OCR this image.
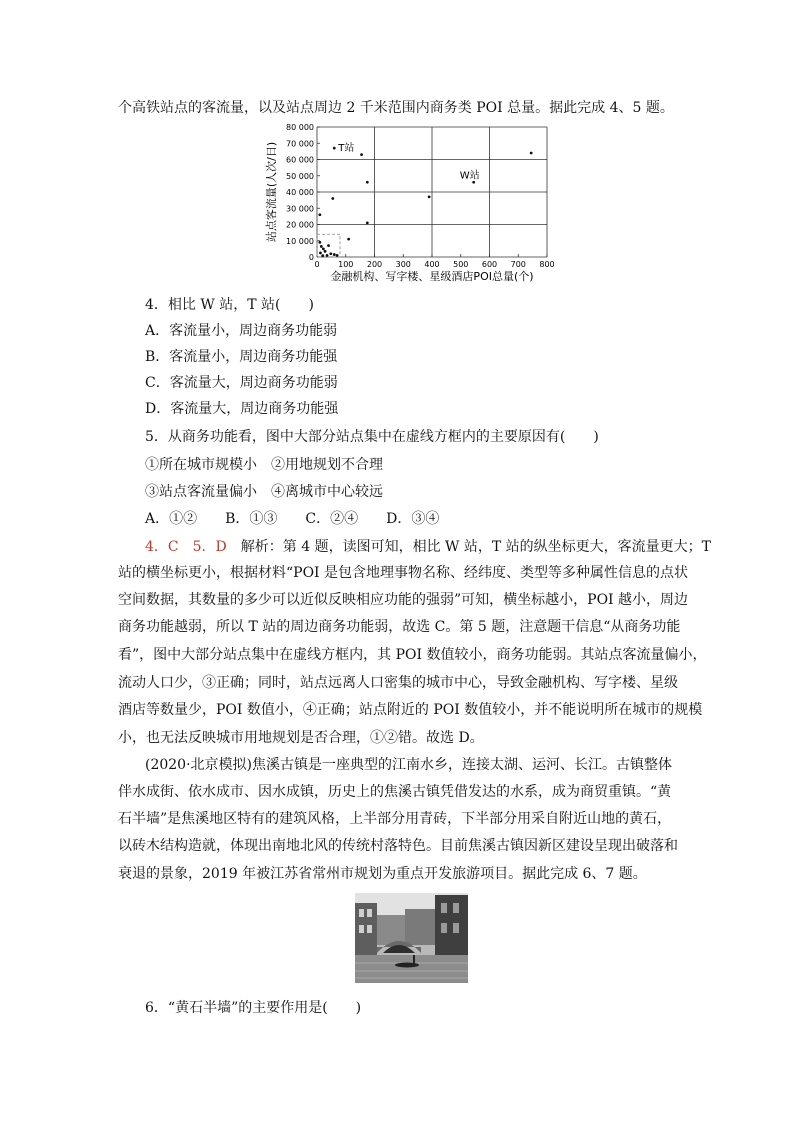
个高铁站点的客流量，以及站点周边 2 千米范围内商务类 POI 总量。据此完成 4、5 题。
0
10 000
20 000
30 000
40 000
50 000
60 000
70 000
80 000
0 100 200 300 400 500 600 700 800
T站
W站
站点客流量(人次/日)
金融机构、写字楼、星级酒店POI总量(个)
4．相比 W 站，T 站(　　)
A．客流量小，周边商务功能弱
B．客流量小，周边商务功能强
C．客流量大，周边商务功能弱
D．客流量大，周边商务功能强
5．从商务功能看，图中大部分站点集中在虚线方框内的主要原因有(　　)
①所在城市规模小　②用地规划不合理
③站点客流量偏小　④离城市中心较远
A．①②　　B．①③　　C．②④　　D．③④
4．C　5．D　解析：第 4 题，读图可知，相比 W 站，T 站的纵坐标更大，客流量更大；T
站的横坐标更小，根据材料“POI 是包含地理事物名称、经纬度、类型等多种属性信息的点状
空间数据，其数量的多少可以近似反映相应功能的强弱”可知，横坐标越小，POI 越小，周边
商务功能越弱，所以 T 站的周边商务功能弱，故选 C。第 5 题，注意题干信息“从商务功能
看”，图中大部分站点集中在虚线方框内，其 POI 数值较小，商务功能弱。其站点客流量偏小，
流动人口少，③正确；同时，站点远离人口密集的城市中心，导致金融机构、写字楼、星级
酒店等数量少，POI 数值小，④正确；站点附近的 POI 数值较小，并不能说明所在城市的规模
小，也无法反映城市用地规划是否合理，①②错。故选 D。
(2020·北京模拟)焦溪古镇是一座典型的江南水乡，连接太湖、运河、长江。古镇整体
伴水成街、依水成市、因水成镇，历史上的焦溪古镇凭借发达的水系，成为商贸重镇。“黄
石半墙”是焦溪地区特有的建筑风格，上半部分用青砖，下半部分用采自附近山地的黄石，
以砖木结构造就，体现出南地北风的传统村落特色。目前焦溪古镇因新区建设呈现出破落和
衰退的景象，2019 年被江苏省常州市规划为重点开发旅游项目。据此完成 6、7 题。
6．“黄石半墙”的主要作用是(　　)
